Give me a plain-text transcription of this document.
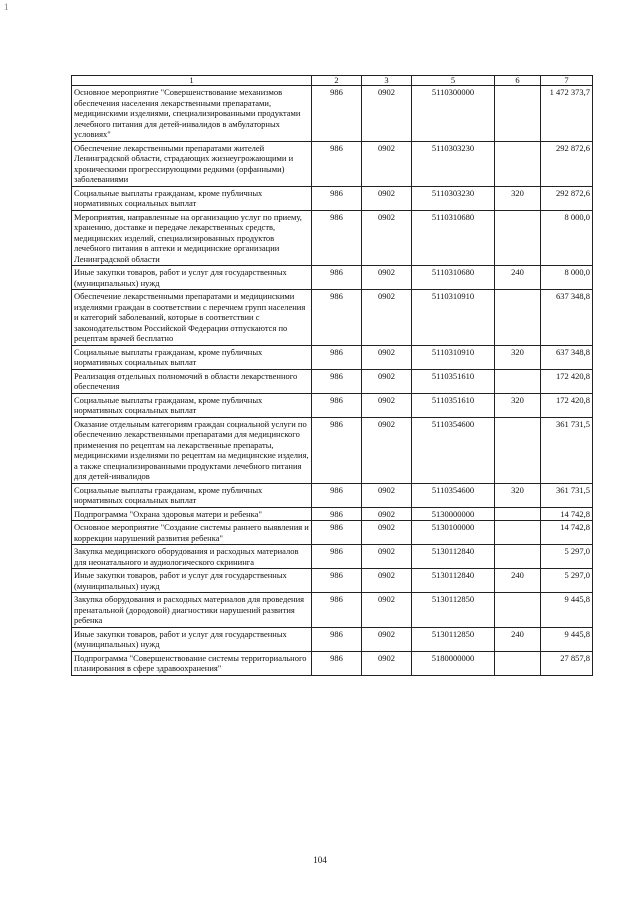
1
1	2	3	5	6	7
Основное мероприятие "Совершенствование механизмов обеспечения населения лекарственными препаратами, медицинскими изделиями, специализированными продуктами лечебного питания для детей-инвалидов в амбулаторных условиях"	986	0902	5110300000		1 472 373,7
Обеспечение лекарственными препаратами жителей Ленинградской области, страдающих жизнеугрожающими и хроническими прогрессирующими редкими (орфанными) заболеваниями	986	0902	5110303230		292 872,6
Социальные выплаты гражданам, кроме публичных нормативных социальных выплат	986	0902	5110303230	320	292 872,6
Мероприятия, направленные на организацию услуг по приему, хранению, доставке и передаче лекарственных средств, медицинских изделий, специализированных продуктов лечебного питания в аптеки и медицинские организации Ленинградской области	986	0902	5110310680		8 000,0
Иные закупки товаров, работ и услуг для государственных (муниципальных) нужд	986	0902	5110310680	240	8 000,0
Обеспечение лекарственными препаратами и медицинскими изделиями граждан в соответствии с перечнем групп населения и категорий заболеваний, которые в соответствии с законодательством Российской Федерации отпускаются по рецептам врачей бесплатно	986	0902	5110310910		637 348,8
Социальные выплаты гражданам, кроме публичных нормативных социальных выплат	986	0902	5110310910	320	637 348,8
Реализация отдельных полномочий в области лекарственного обеспечения	986	0902	5110351610		172 420,8
Социальные выплаты гражданам, кроме публичных нормативных социальных выплат	986	0902	5110351610	320	172 420,8
Оказание отдельным категориям граждан социальной услуги по обеспечению лекарственными препаратами для медицинского применения по рецептам на лекарственные препараты, медицинскими изделиями по рецептам на медицинские изделия, а также специализированными продуктами лечебного питания для детей-инвалидов	986	0902	5110354600		361 731,5
Социальные выплаты гражданам, кроме публичных нормативных социальных выплат	986	0902	5110354600	320	361 731,5
Подпрограмма "Охрана здоровья матери и ребенка"	986	0902	5130000000		14 742,8
Основное мероприятие "Создание системы раннего выявления и коррекции нарушений развития ребенка"	986	0902	5130100000		14 742,8
Закупка медицинского оборудования и расходных материалов для неонатального и аудиологического скрининга	986	0902	5130112840		5 297,0
Иные закупки товаров, работ и услуг для государственных (муниципальных) нужд	986	0902	5130112840	240	5 297,0
Закупка оборудования и расходных материалов для проведения пренатальной (дородовой) диагностики нарушений развития ребенка	986	0902	5130112850		9 445,8
Иные закупки товаров, работ и услуг для государственных (муниципальных) нужд	986	0902	5130112850	240	9 445,8
Подпрограмма "Совершенствование системы территориального планирования в сфере здравоохранения"	986	0902	5180000000		27 857,8
104
